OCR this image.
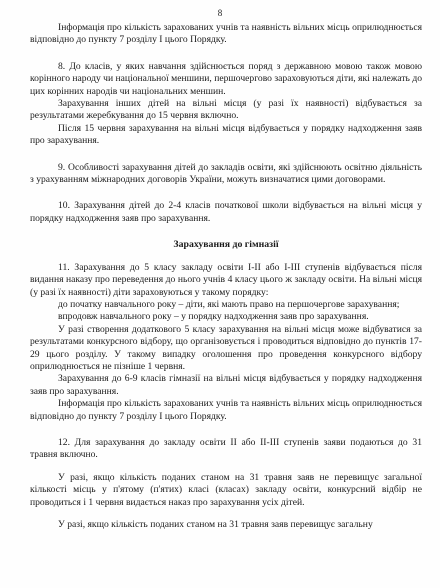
8

Інформація про кількість зарахованих учнів та наявність вільних місць оприлюднюється відповідно до пункту 7 розділу I цього Порядку.

8. До класів, у яких навчання здійснюється поряд з державною мовою також мовою корінного народу чи національної меншини, першочергово зараховуються діти, які належать до цих корінних народів чи національних меншин.

Зарахування інших дітей на вільні місця (у разі їх наявності) відбувається за результатами жеребкування до 15 червня включно.

Після 15 червня зарахування на вільні місця відбувається у порядку надходження заяв про зарахування.

9. Особливості зарахування дітей до закладів освіти, які здійснюють освітню діяльність з урахуванням міжнародних договорів України, можуть визначатися цими договорами.

10. Зарахування дітей до 2-4 класів початкової школи відбувається на вільні місця у порядку надходження заяв про зарахування.

Зарахування до гімназії

11. Зарахування до 5 класу закладу освіти I-II або I-III ступенів відбувається після видання наказу про переведення до нього учнів 4 класу цього ж закладу освіти. На вільні місця (у разі їх наявності) діти зараховуються у такому порядку:

до початку навчального року – діти, які мають право на першочергове зарахування;

впродовж навчального року – у порядку надходження заяв про зарахування.

У разі створення додаткового 5 класу зарахування на вільні місця може відбуватися за результатами конкурсного відбору, що організовується і проводиться відповідно до пунктів 17-29 цього розділу. У такому випадку оголошення про проведення конкурсного відбору оприлюднюється не пізніше 1 червня.

Зарахування до 6-9 класів гімназії на вільні місця відбувається у порядку надходження заяв про зарахування.

Інформація про кількість зарахованих учнів та наявність вільних місць оприлюднюється відповідно до пункту 7 розділу I цього Порядку.

12. Для зарахування до закладу освіти II або II-III ступенів заяви подаються до 31 травня включно.

У разі, якщо кількість поданих станом на 31 травня заяв не перевищує загальної кількості місць у п'ятому (п'ятих) класі (класах) закладу освіти, конкурсний відбір не проводиться і 1 червня видається наказ про зарахування усіх дітей.

У разі, якщо кількість поданих станом на 31 травня заяв перевищує загальну
